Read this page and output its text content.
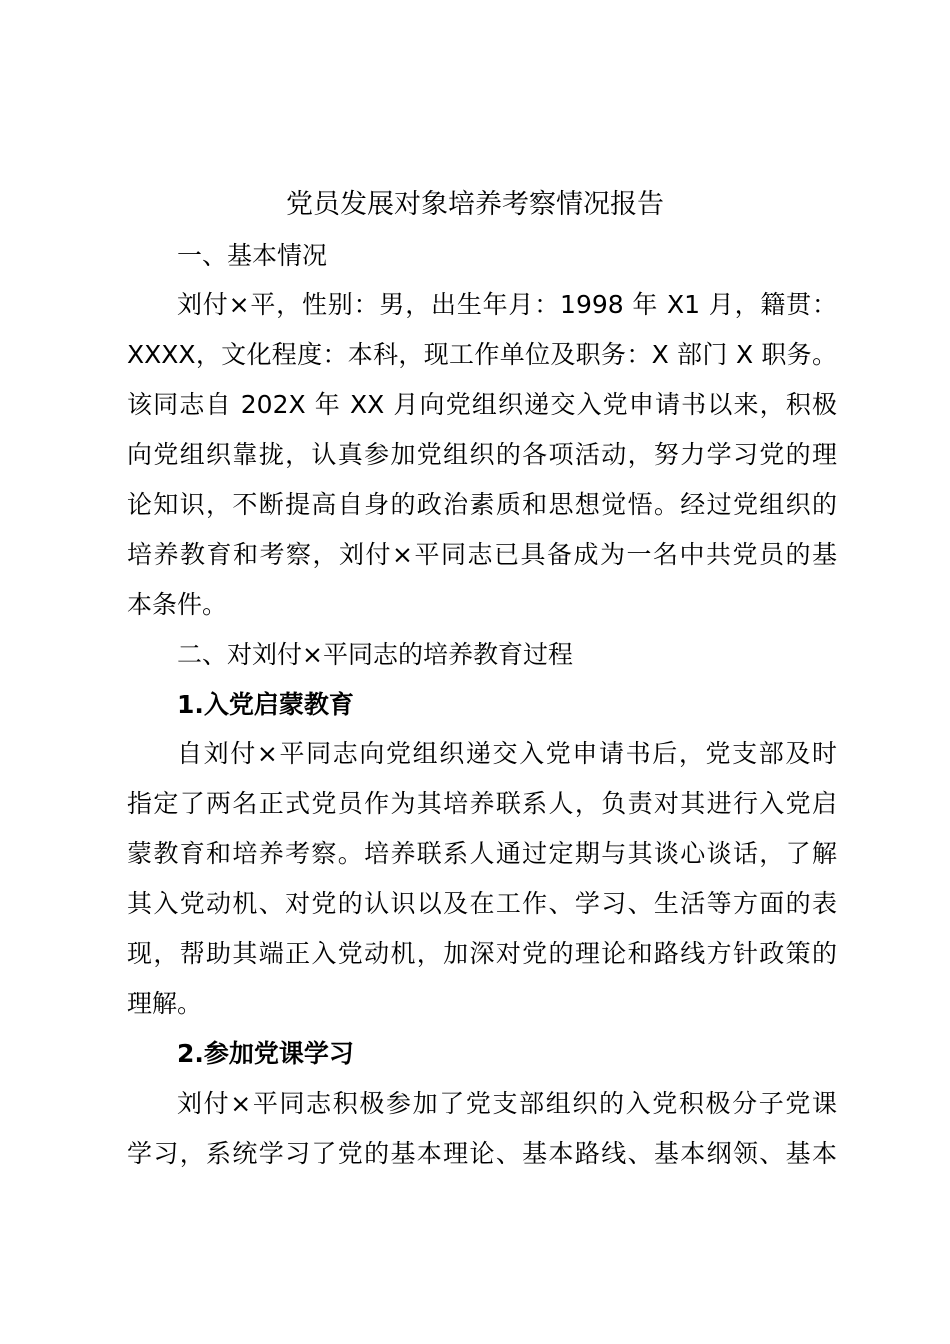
党员发展对象培养考察情况报告
一、基本情况
刘付×平，性别：男，出生年月：1998 年 X1 月，籍贯：
XXXX，文化程度：本科，现工作单位及职务：X 部门 X 职务。
该同志自 202X 年 XX 月向党组织递交入党申请书以来，积极
向党组织靠拢，认真参加党组织的各项活动，努力学习党的理
论知识，不断提高自身的政治素质和思想觉悟。经过党组织的
培养教育和考察，刘付×平同志已具备成为一名中共党员的基
本条件。
二、对刘付×平同志的培养教育过程
1.入党启蒙教育
自刘付×平同志向党组织递交入党申请书后，党支部及时
指定了两名正式党员作为其培养联系人，负责对其进行入党启
蒙教育和培养考察。培养联系人通过定期与其谈心谈话，了解
其入党动机、对党的认识以及在工作、学习、生活等方面的表
现，帮助其端正入党动机，加深对党的理论和路线方针政策的
理解。
2.参加党课学习
刘付×平同志积极参加了党支部组织的入党积极分子党课
学习，系统学习了党的基本理论、基本路线、基本纲领、基本
